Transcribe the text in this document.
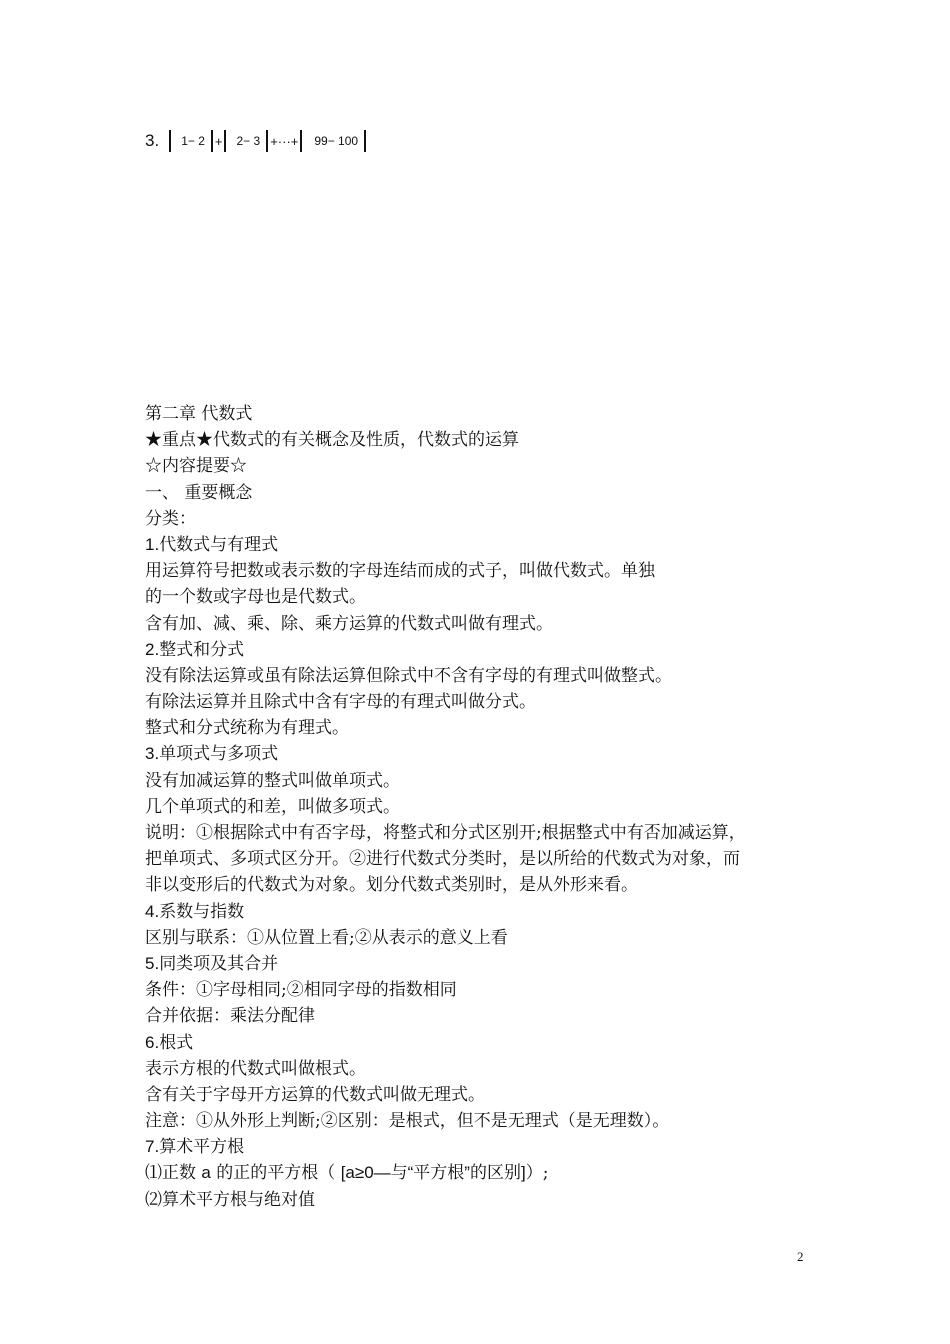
3. 1− 2 + 2− 3 +···+ 99− 100
第二章 代数式
★重点★代数式的有关概念及性质，代数式的运算
☆内容提要☆
一、 重要概念
分类：
1.代数式与有理式
用运算符号把数或表示数的字母连结而成的式子，叫做代数式。单独
的一个数或字母也是代数式。
含有加、减、乘、除、乘方运算的代数式叫做有理式。
2.整式和分式
没有除法运算或虽有除法运算但除式中不含有字母的有理式叫做整式。
有除法运算并且除式中含有字母的有理式叫做分式。
整式和分式统称为有理式。
3.单项式与多项式
没有加减运算的整式叫做单项式。
几个单项式的和差，叫做多项式。
说明：①根据除式中有否字母，将整式和分式区别开;根据整式中有否加减运算，
把单项式、多项式区分开。②进行代数式分类时，是以所给的代数式为对象，而
非以变形后的代数式为对象。划分代数式类别时，是从外形来看。
4.系数与指数
区别与联系：①从位置上看;②从表示的意义上看
5.同类项及其合并
条件：①字母相同;②相同字母的指数相同
合并依据：乘法分配律
6.根式
表示方根的代数式叫做根式。
含有关于字母开方运算的代数式叫做无理式。
注意：①从外形上判断;②区别：是根式，但不是无理式（是无理数）。
7.算术平方根
⑴正数 a 的正的平方根（ [a≥0—与“平方根”的区别]）;
⑵算术平方根与绝对值
2
